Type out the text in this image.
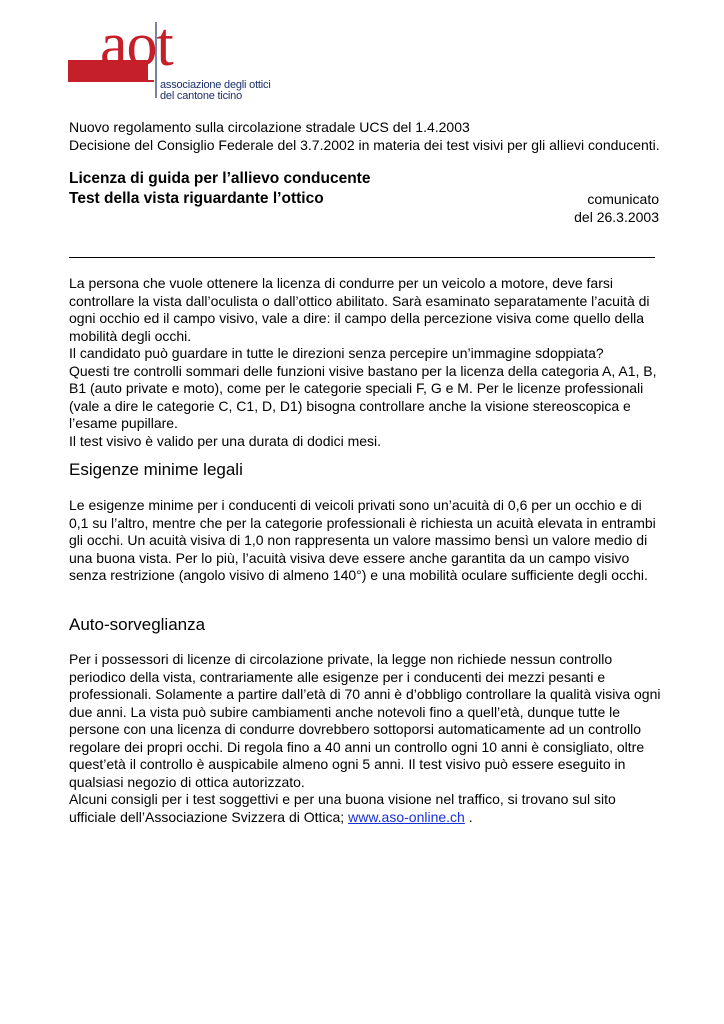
aot
associazione degli ottici
del cantone ticino

Nuovo regolamento sulla circolazione stradale UCS del 1.4.2003

Decisione del Consiglio Federale del 3.7.2002 in materia dei test visivi per gli allievi conducenti.

Licenza di guida per l’allievo conducente
Test della vista riguardante l’ottico	comunicato
del 26.3.2003
La persona che vuole ottenere la licenza di condurre per un veicolo a motore, deve farsi controllare la vista dall’oculista o dall’ottico abilitato. Sarà esaminato separatamente l’acuità di ogni occhio ed il campo visivo, vale a dire: il campo della percezione visiva come quello della mobilità degli occhi.
Il candidato può guardare in tutte le direzioni senza percepire un’immagine sdoppiata?
Questi tre controlli sommari delle funzioni visive bastano per la licenza della categoria A, A1, B, B1 (auto private e moto), come per le categorie speciali F, G e M. Per le licenze professionali (vale a dire le categorie C, C1, D, D1) bisogna controllare anche la visione stereoscopica e l’esame pupillare.
Il test visivo è valido per una durata di dodici mesi.
Esigenze minime legali

Le esigenze minime per i conducenti di veicoli privati sono un’acuità di 0,6 per un occhio e di 0,1 su l’altro, mentre che per la categorie professionali è richiesta un acuità elevata in entrambi gli occhi. Un acuità visiva di 1,0 non rappresenta un valore massimo bensì un valore medio di una buona vista. Per lo più, l’acuità visiva deve essere anche garantita da un campo visivo senza restrizione (angolo visivo di almeno 140°) e una mobilità oculare sufficiente degli occhi.

Auto-sorveglianza
Per i possessori di licenze di circolazione private, la legge non richiede nessun controllo periodico della vista, contrariamente alle esigenze per i conducenti dei mezzi pesanti e professionali. Solamente a partire dall’età di 70 anni è d’obbligo controllare la qualità visiva ogni due anni. La vista può subire cambiamenti anche notevoli fino a quell’età, dunque tutte le persone con una licenza di condurre dovrebbero sottoporsi automaticamente ad un controllo regolare dei propri occhi. Di regola fino a 40 anni un controllo ogni 10 anni è consigliato, oltre quest’età il controllo è auspicabile almeno ogni 5 anni. Il test visivo può essere eseguito in qualsiasi negozio di ottica autorizzato.
Alcuni consigli per i test soggettivi e per una buona visione nel traffico, si trovano sul sito ufficiale dell’Associazione Svizzera di Ottica; www.aso-online.ch .
